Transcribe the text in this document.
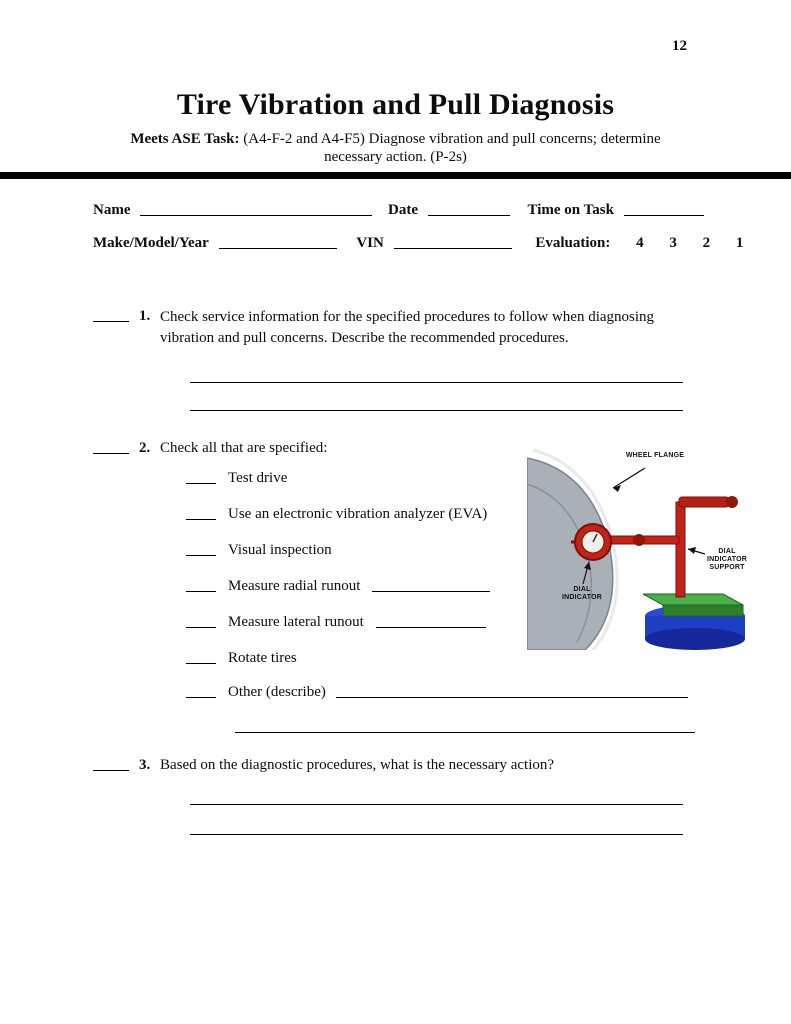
12
Tire Vibration and Pull Diagnosis
Meets ASE Task: (A4-F-2 and A4-F5) Diagnose vibration and pull concerns; determine
necessary action. (P-2s)
Name	Date	Time on Task
Make/Model/Year	VIN	Evaluation: 4 3 2 1
1. Check service information for the specified procedures to follow when diagnosing vibration and pull concerns. Describe the recommended procedures.
2. Check all that are specified:
Test drive
Use an electronic vibration analyzer (EVA)
Visual inspection
Measure radial runout
Measure lateral runout
Rotate tires
Other (describe)
WHEEL FLANGE
DIAL INDICATOR SUPPORT
DIAL INDICATOR
3. Based on the diagnostic procedures, what is the necessary action?
